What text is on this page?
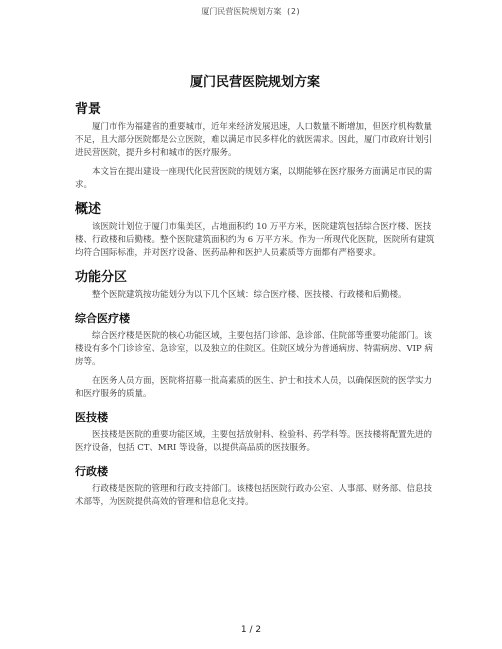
厦门民营医院规划方案 (2)
厦门民营医院规划方案
背景

厦门市作为福建省的重要城市，近年来经济发展迅速，人口数量不断增加，但医疗机构数量不足，且大部分医院都是公立医院，难以满足市民多样化的就医需求。因此，厦门市政府计划引进民营医院，提升乡村和城市的医疗服务。

本文旨在提出建设一座现代化民营医院的规划方案，以期能够在医疗服务方面满足市民的需求。

概述

该医院计划位于厦门市集美区，占地面积约 10 万平方米，医院建筑包括综合医疗楼、医技楼、行政楼和后勤楼。整个医院建筑面积约为 6 万平方米。作为一所现代化医院，医院所有建筑均符合国际标准，并对医疗设备、医药品种和医护人员素质等方面都有严格要求。

功能分区

整个医院建筑按功能划分为以下几个区域：综合医疗楼、医技楼、行政楼和后勤楼。

综合医疗楼

综合医疗楼是医院的核心功能区域，主要包括门诊部、急诊部、住院部等重要功能部门。该楼设有多个门诊诊室、急诊室，以及独立的住院区。住院区域分为普通病房、特需病房、VIP 病房等。

在医务人员方面，医院将招募一批高素质的医生、护士和技术人员，以确保医院的医学实力和医疗服务的质量。

医技楼

医技楼是医院的重要功能区域，主要包括放射科、检验科、药学科等。医技楼将配置先进的医疗设备，包括 CT、MRI 等设备，以提供高品质的医技服务。

行政楼

行政楼是医院的管理和行政支持部门。该楼包括医院行政办公室、人事部、财务部、信息技术部等，为医院提供高效的管理和信息化支持。

1 / 2
